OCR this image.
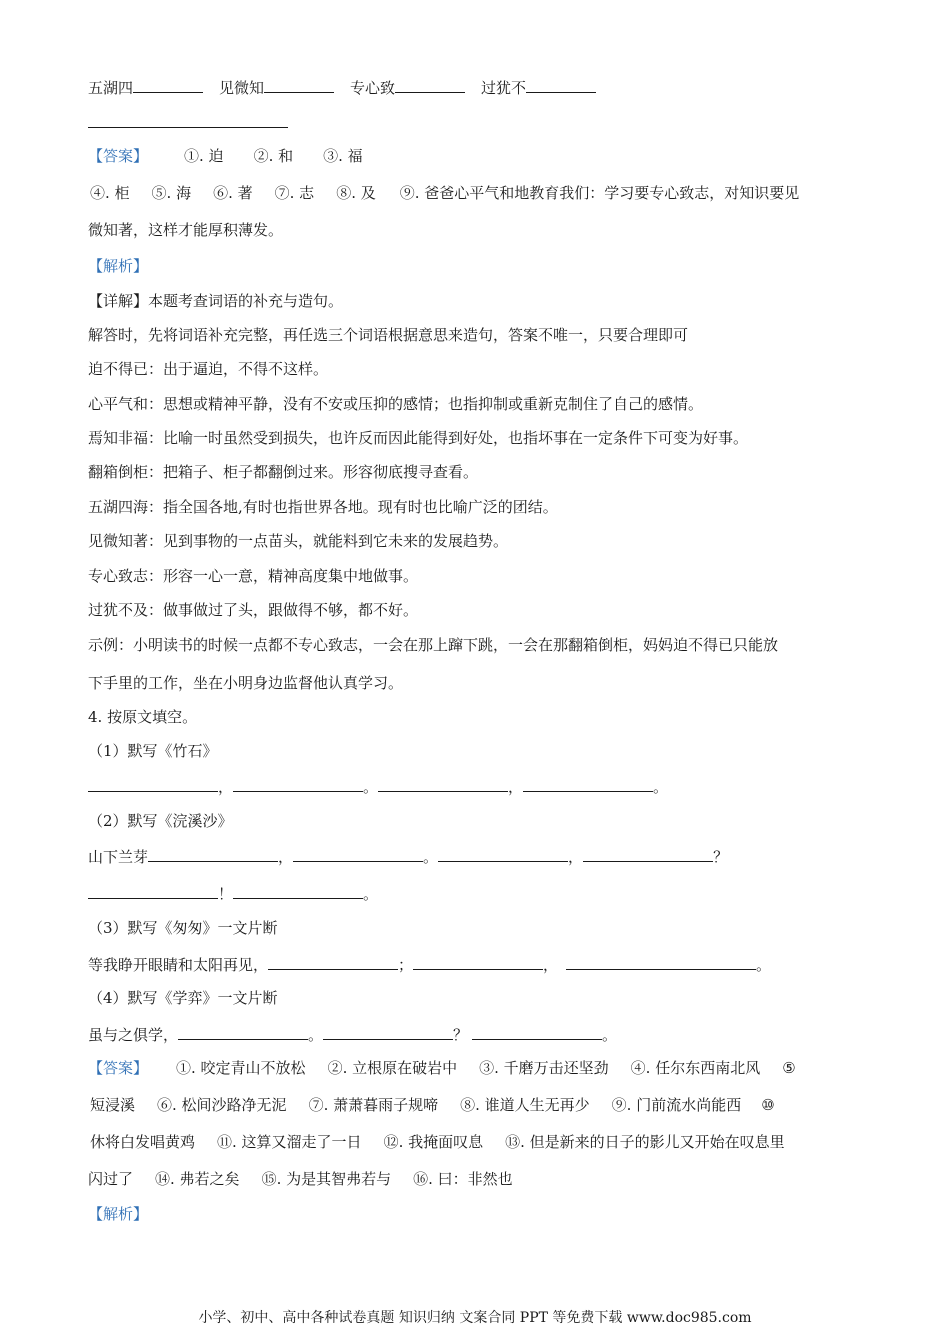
五湖四	见微知	专心致	过犹不
【答案】 ①. 迫 ②. 和 ③. 福
④. 柜 ⑤. 海 ⑥. 著 ⑦. 志 ⑧. 及 ⑨. 爸爸心平气和地教育我们：学习要专心致志，对知识要见
微知著，这样才能厚积薄发。
【解析】
【详解】本题考查词语的补充与造句。
解答时，先将词语补充完整，再任选三个词语根据意思来造句，答案不唯一，只要合理即可
迫不得已：出于逼迫，不得不这样。
心平气和：思想或精神平静，没有不安或压抑的感情；也指抑制或重新克制住了自己的感情。
焉知非福：比喻一时虽然受到损失，也许反而因此能得到好处，也指坏事在一定条件下可变为好事。
翻箱倒柜：把箱子、柜子都翻倒过来。形容彻底搜寻查看。
五湖四海：指全国各地,有时也指世界各地。现有时也比喻广泛的团结。
见微知著：见到事物的一点苗头，就能料到它未来的发展趋势。
专心致志：形容一心一意，精神高度集中地做事。
过犹不及：做事做过了头，跟做得不够，都不好。
示例：小明读书的时候一点都不专心致志，一会在那上蹿下跳，一会在那翻箱倒柜，妈妈迫不得已只能放
下手里的工作，坐在小明身边监督他认真学习。
4. 按原文填空。
（1）默写《竹石》
，	。	，	。
（2）默写《浣溪沙》
山下兰芽	，	。	，	？
！	。
（3）默写《匆匆》一文片断
等我睁开眼睛和太阳再见，	；	，	。
（4）默写《学弈》一文片断
虽与之俱学，	。	？	。
【答案】 ①. 咬定青山不放松 ②. 立根原在破岩中 ③. 千磨万击还坚劲 ④. 任尔东西南北风 ⑤
短浸溪 ⑥. 松间沙路净无泥 ⑦. 萧萧暮雨子规啼 ⑧. 谁道人生无再少 ⑨. 门前流水尚能西 ⑩
休将白发唱黄鸡 ⑪. 这算又溜走了一日 ⑫. 我掩面叹息 ⑬. 但是新来的日子的影儿又开始在叹息里
闪过了 ⑭. 弗若之矣 ⑮. 为是其智弗若与 ⑯. 曰：非然也
【解析】
小学、初中、高中各种试卷真题 知识归纳 文案合同 PPT 等免费下载 www.doc985.com
